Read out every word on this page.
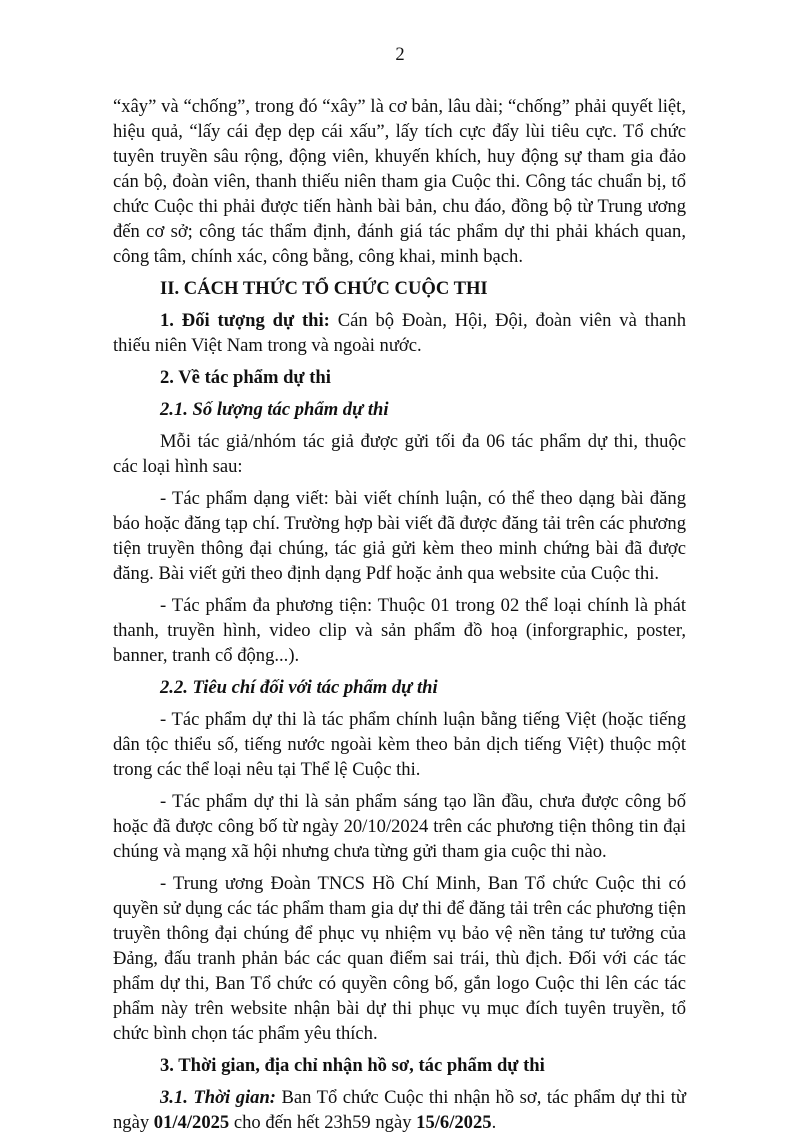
2

“xây” và “chống”, trong đó “xây” là cơ bản, lâu dài; “chống” phải quyết liệt, hiệu quả, “lấy cái đẹp dẹp cái xấu”, lấy tích cực đẩy lùi tiêu cực. Tổ chức tuyên truyền sâu rộng, động viên, khuyến khích, huy động sự tham gia đảo cán bộ, đoàn viên, thanh thiếu niên tham gia Cuộc thi. Công tác chuẩn bị, tổ chức Cuộc thi phải được tiến hành bài bản, chu đáo, đồng bộ từ Trung ương đến cơ sở; công tác thẩm định, đánh giá tác phẩm dự thi phải khách quan, công tâm, chính xác, công bằng, công khai, minh bạch.

II. CÁCH THỨC TỔ CHỨC CUỘC THI

1. Đối tượng dự thi: Cán bộ Đoàn, Hội, Đội, đoàn viên và thanh thiếu niên Việt Nam trong và ngoài nước.

2. Về tác phẩm dự thi

2.1. Số lượng tác phẩm dự thi

Mỗi tác giả/nhóm tác giả được gửi tối đa 06 tác phẩm dự thi, thuộc các loại hình sau:

- Tác phẩm dạng viết: bài viết chính luận, có thể theo dạng bài đăng báo hoặc đăng tạp chí. Trường hợp bài viết đã được đăng tải trên các phương tiện truyền thông đại chúng, tác giả gửi kèm theo minh chứng bài đã được đăng. Bài viết gửi theo định dạng Pdf hoặc ảnh qua website của Cuộc thi.

- Tác phẩm đa phương tiện: Thuộc 01 trong 02 thể loại chính là phát thanh, truyền hình, video clip và sản phẩm đồ hoạ (inforgraphic, poster, banner, tranh cổ động...).

2.2. Tiêu chí đối với tác phẩm dự thi

- Tác phẩm dự thi là tác phẩm chính luận bằng tiếng Việt (hoặc tiếng dân tộc thiểu số, tiếng nước ngoài kèm theo bản dịch tiếng Việt) thuộc một trong các thể loại nêu tại Thể lệ Cuộc thi.

- Tác phẩm dự thi là sản phẩm sáng tạo lần đầu, chưa được công bố hoặc đã được công bố từ ngày 20/10/2024 trên các phương tiện thông tin đại chúng và mạng xã hội nhưng chưa từng gửi tham gia cuộc thi nào.

- Trung ương Đoàn TNCS Hồ Chí Minh, Ban Tổ chức Cuộc thi có quyền sử dụng các tác phẩm tham gia dự thi để đăng tải trên các phương tiện truyền thông đại chúng để phục vụ nhiệm vụ bảo vệ nền tảng tư tưởng của Đảng, đấu tranh phản bác các quan điểm sai trái, thù địch. Đối với các tác phẩm dự thi, Ban Tổ chức có quyền công bố, gắn logo Cuộc thi lên các tác phẩm này trên website nhận bài dự thi phục vụ mục đích tuyên truyền, tổ chức bình chọn tác phẩm yêu thích.

3. Thời gian, địa chỉ nhận hồ sơ, tác phẩm dự thi

3.1. Thời gian: Ban Tổ chức Cuộc thi nhận hồ sơ, tác phẩm dự thi từ ngày 01/4/2025 cho đến hết 23h59 ngày 15/6/2025.
